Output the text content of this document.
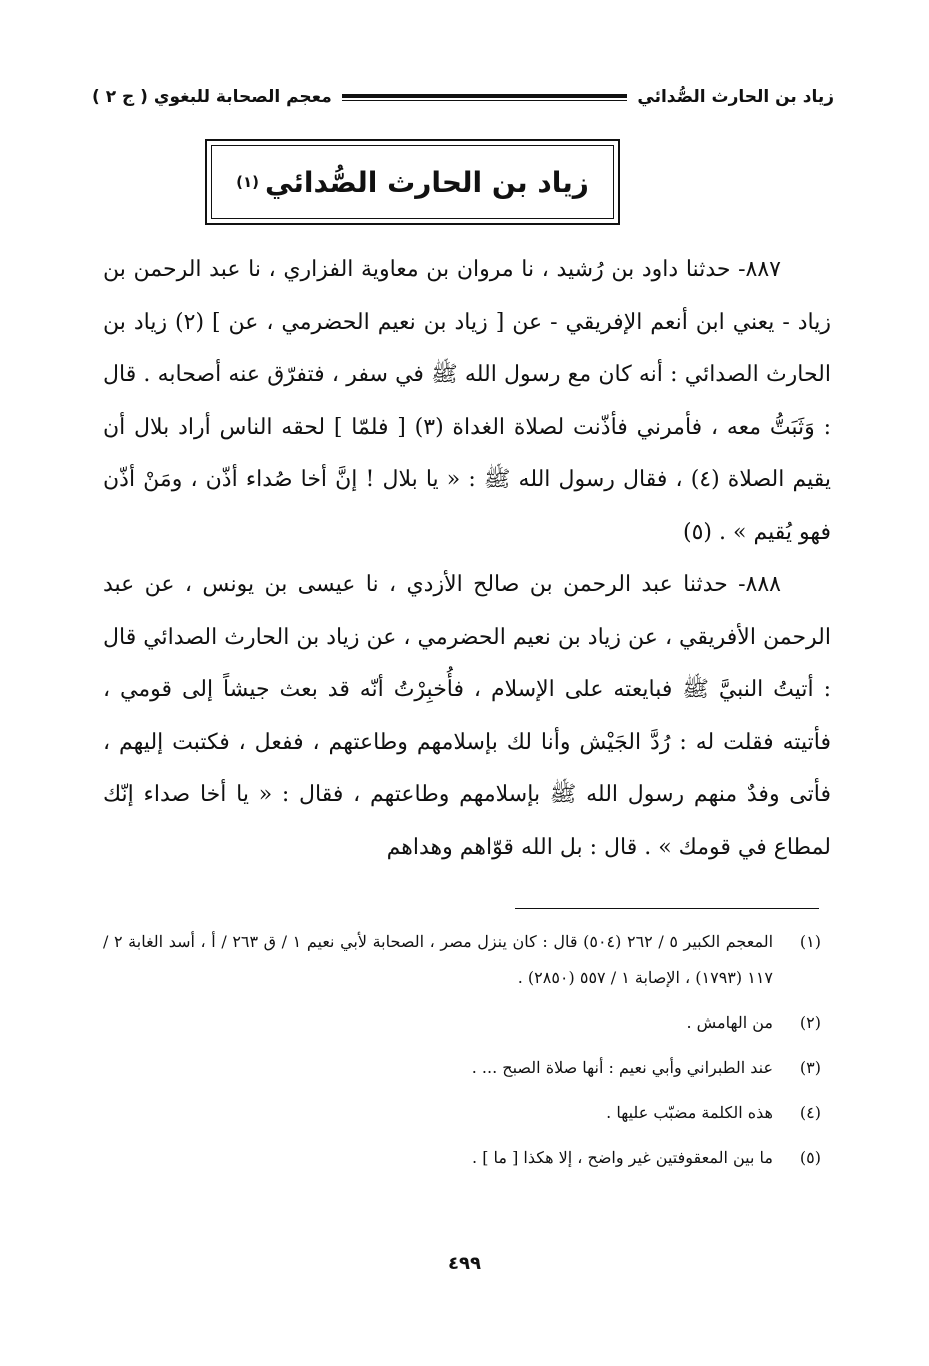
زياد بن الحارث الصُّدائي
معجم الصحابة للبغوي ( ج ٢ )
زياد بن الحارث الصُّدائي
(١)

٨٨٧- حدثنا داود بن رُشيد ، نا مروان بن معاوية الفزاري ، نا عبد الرحمن بن زياد - يعني ابن أنعم الإفريقي - عن [ زياد بن نعيم الحضرمي ، عن ] (٢) زياد بن الحارث الصدائي : أنه كان مع رسول الله ﷺ في سفر ، فتفرّق عنه أصحابه . قال : وَثَبَتُّ معه ، فأمرني فأذّنت لصلاة الغداة (٣) [ فلمّا ] لحقه الناس أراد بلال أن يقيم الصلاة (٤) ، فقال رسول الله ﷺ : « يا بلال ! إنَّ أخا صُداء أذّن ، ومَنْ أذّن فهو يُقيم » . (٥)

٨٨٨- حدثنا عبد الرحمن بن صالح الأزدي ، نا عيسى بن يونس ، عن عبد الرحمن الأفريقي ، عن زياد بن نعيم الحضرمي ، عن زياد بن الحارث الصدائي قال : أتيتُ النبيَّ ﷺ فبايعته على الإسلام ، فأُخبِرْتُ أنّه قد بعث جيشاً إلى قومي ، فأتيته فقلت له : رُدَّ الجَيْش وأنا لك بإسلامهم وطاعتهم ، ففعل ، فكتبت إليهم ، فأتى وفدٌ منهم رسول الله ﷺ بإسلامهم وطاعتهم ، فقال : « يا أخا صداء إنّك لمطاع في قومك » . قال : بل الله قوّاهم وهداهم

(١)
المعجم الكبير ٥ / ٢٦٢ (٥٠٤) قال : كان ينزل مصر ، الصحابة لأبي نعيم ١ / ق ٢٦٣ / أ ، أسد الغابة ٢ / ١١٧ (١٧٩٣) ، الإصابة ١ / ٥٥٧ (٢٨٥٠) .
(٢)
من الهامش .
(٣)
عند الطبراني وأبي نعيم : أنها صلاة الصبح ... .
(٤)
هذه الكلمة مضبّب عليها .
(٥)
ما بين المعقوفتين غير واضح ، إلا هكذا [ ما ] .
٤٩٩
